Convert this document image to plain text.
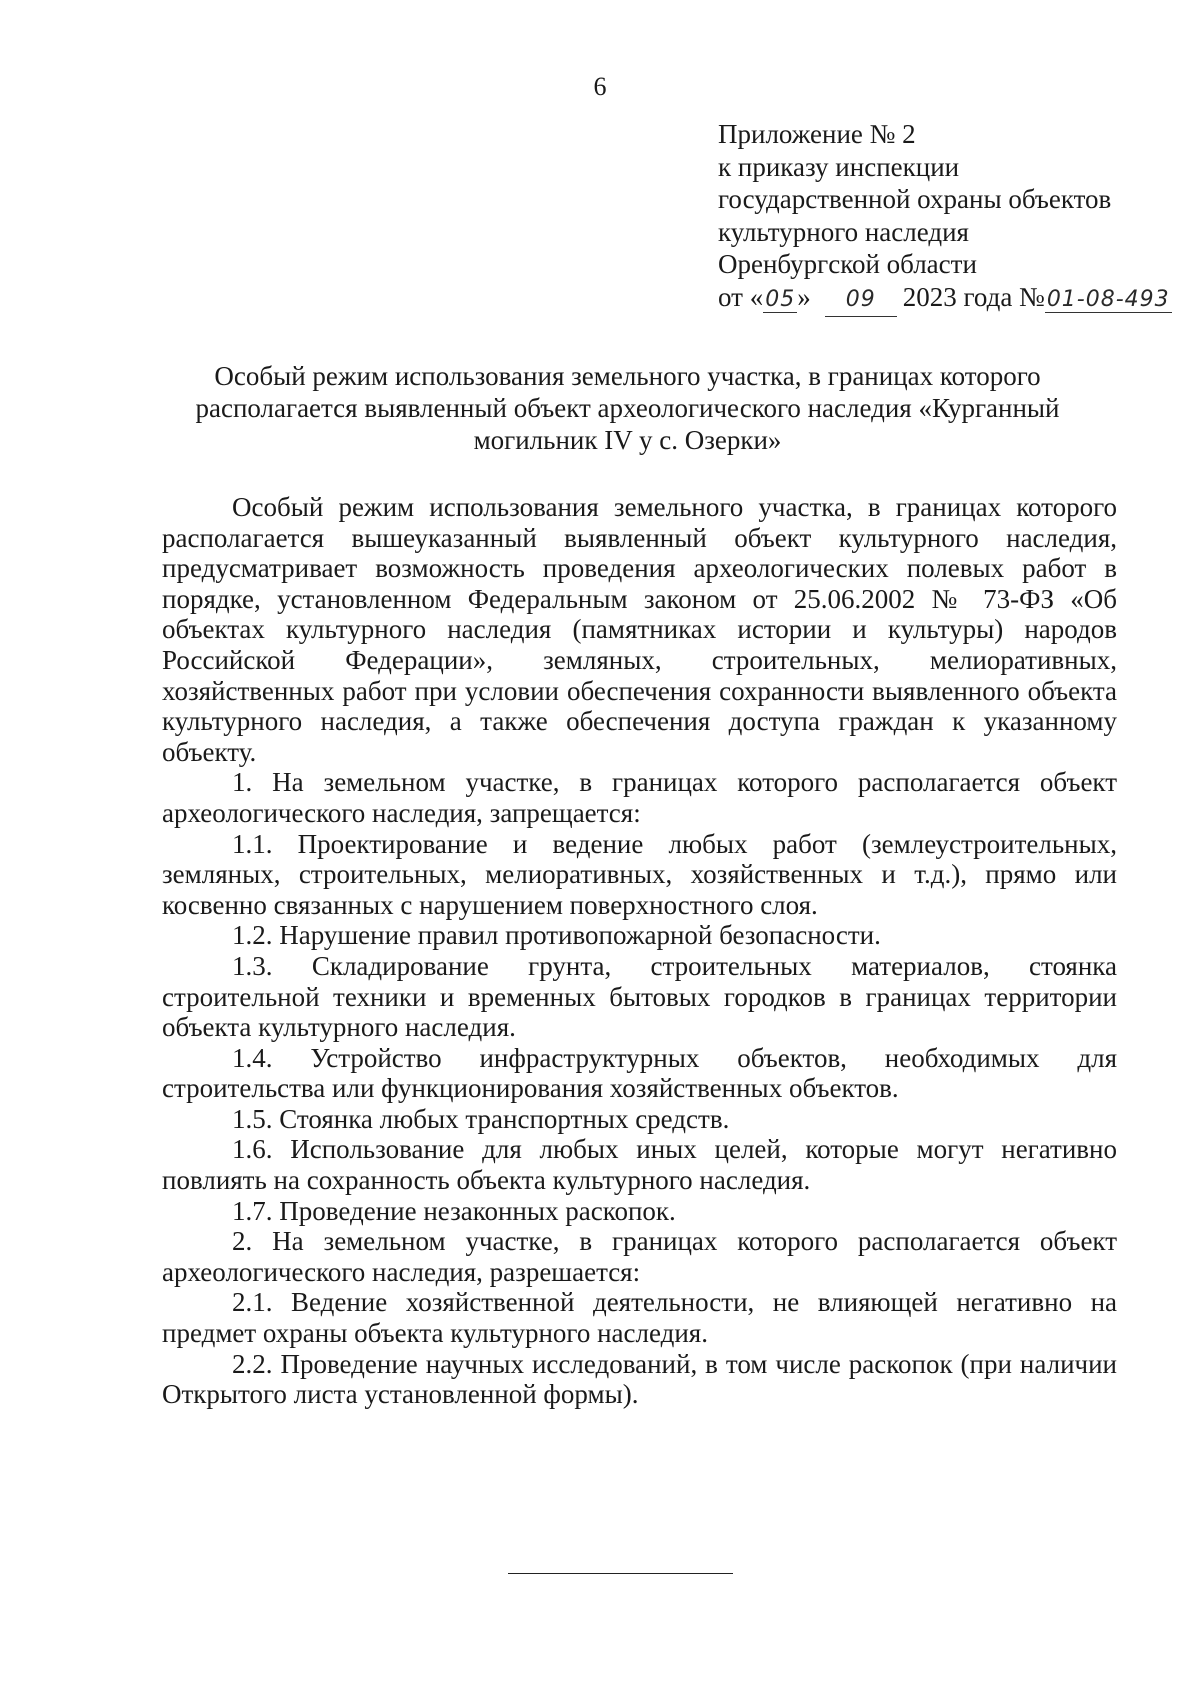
6
Приложение № 2
к приказу инспекции
государственной охраны объектов
культурного наследия
Оренбургской области
от «05» 09 2023 года №01-08-493
Особый режим использования земельного участка, в границах которого располагается выявленный объект археологического наследия «Курганный могильник IV у с. Озерки»

Особый режим использования земельного участка, в границах которого располагается вышеуказанный выявленный объект культурного наследия, предусматривает возможность проведения археологических полевых работ в порядке, установленном Федеральным законом от 25.06.2002 № 73-ФЗ «Об объектах культурного наследия (памятниках истории и культуры) народов Российской Федерации», земляных, строительных, мелиоративных, хозяйственных работ при условии обеспечения сохранности выявленного объекта культурного наследия, а также обеспечения доступа граждан к указанному объекту.

1. На земельном участке, в границах которого располагается объект археологического наследия, запрещается:

1.1. Проектирование и ведение любых работ (землеустроительных, земляных, строительных, мелиоративных, хозяйственных и т.д.), прямо или косвенно связанных с нарушением поверхностного слоя.

1.2. Нарушение правил противопожарной безопасности.

1.3. Складирование грунта, строительных материалов, стоянка строительной техники и временных бытовых городков в границах территории объекта культурного наследия.

1.4. Устройство инфраструктурных объектов, необходимых для строительства или функционирования хозяйственных объектов.

1.5. Стоянка любых транспортных средств.

1.6. Использование для любых иных целей, которые могут негативно повлиять на сохранность объекта культурного наследия.

1.7. Проведение незаконных раскопок.

2. На земельном участке, в границах которого располагается объект археологического наследия, разрешается:

2.1. Ведение хозяйственной деятельности, не влияющей негативно на предмет охраны объекта культурного наследия.

2.2. Проведение научных исследований, в том числе раскопок (при наличии Открытого листа установленной формы).
